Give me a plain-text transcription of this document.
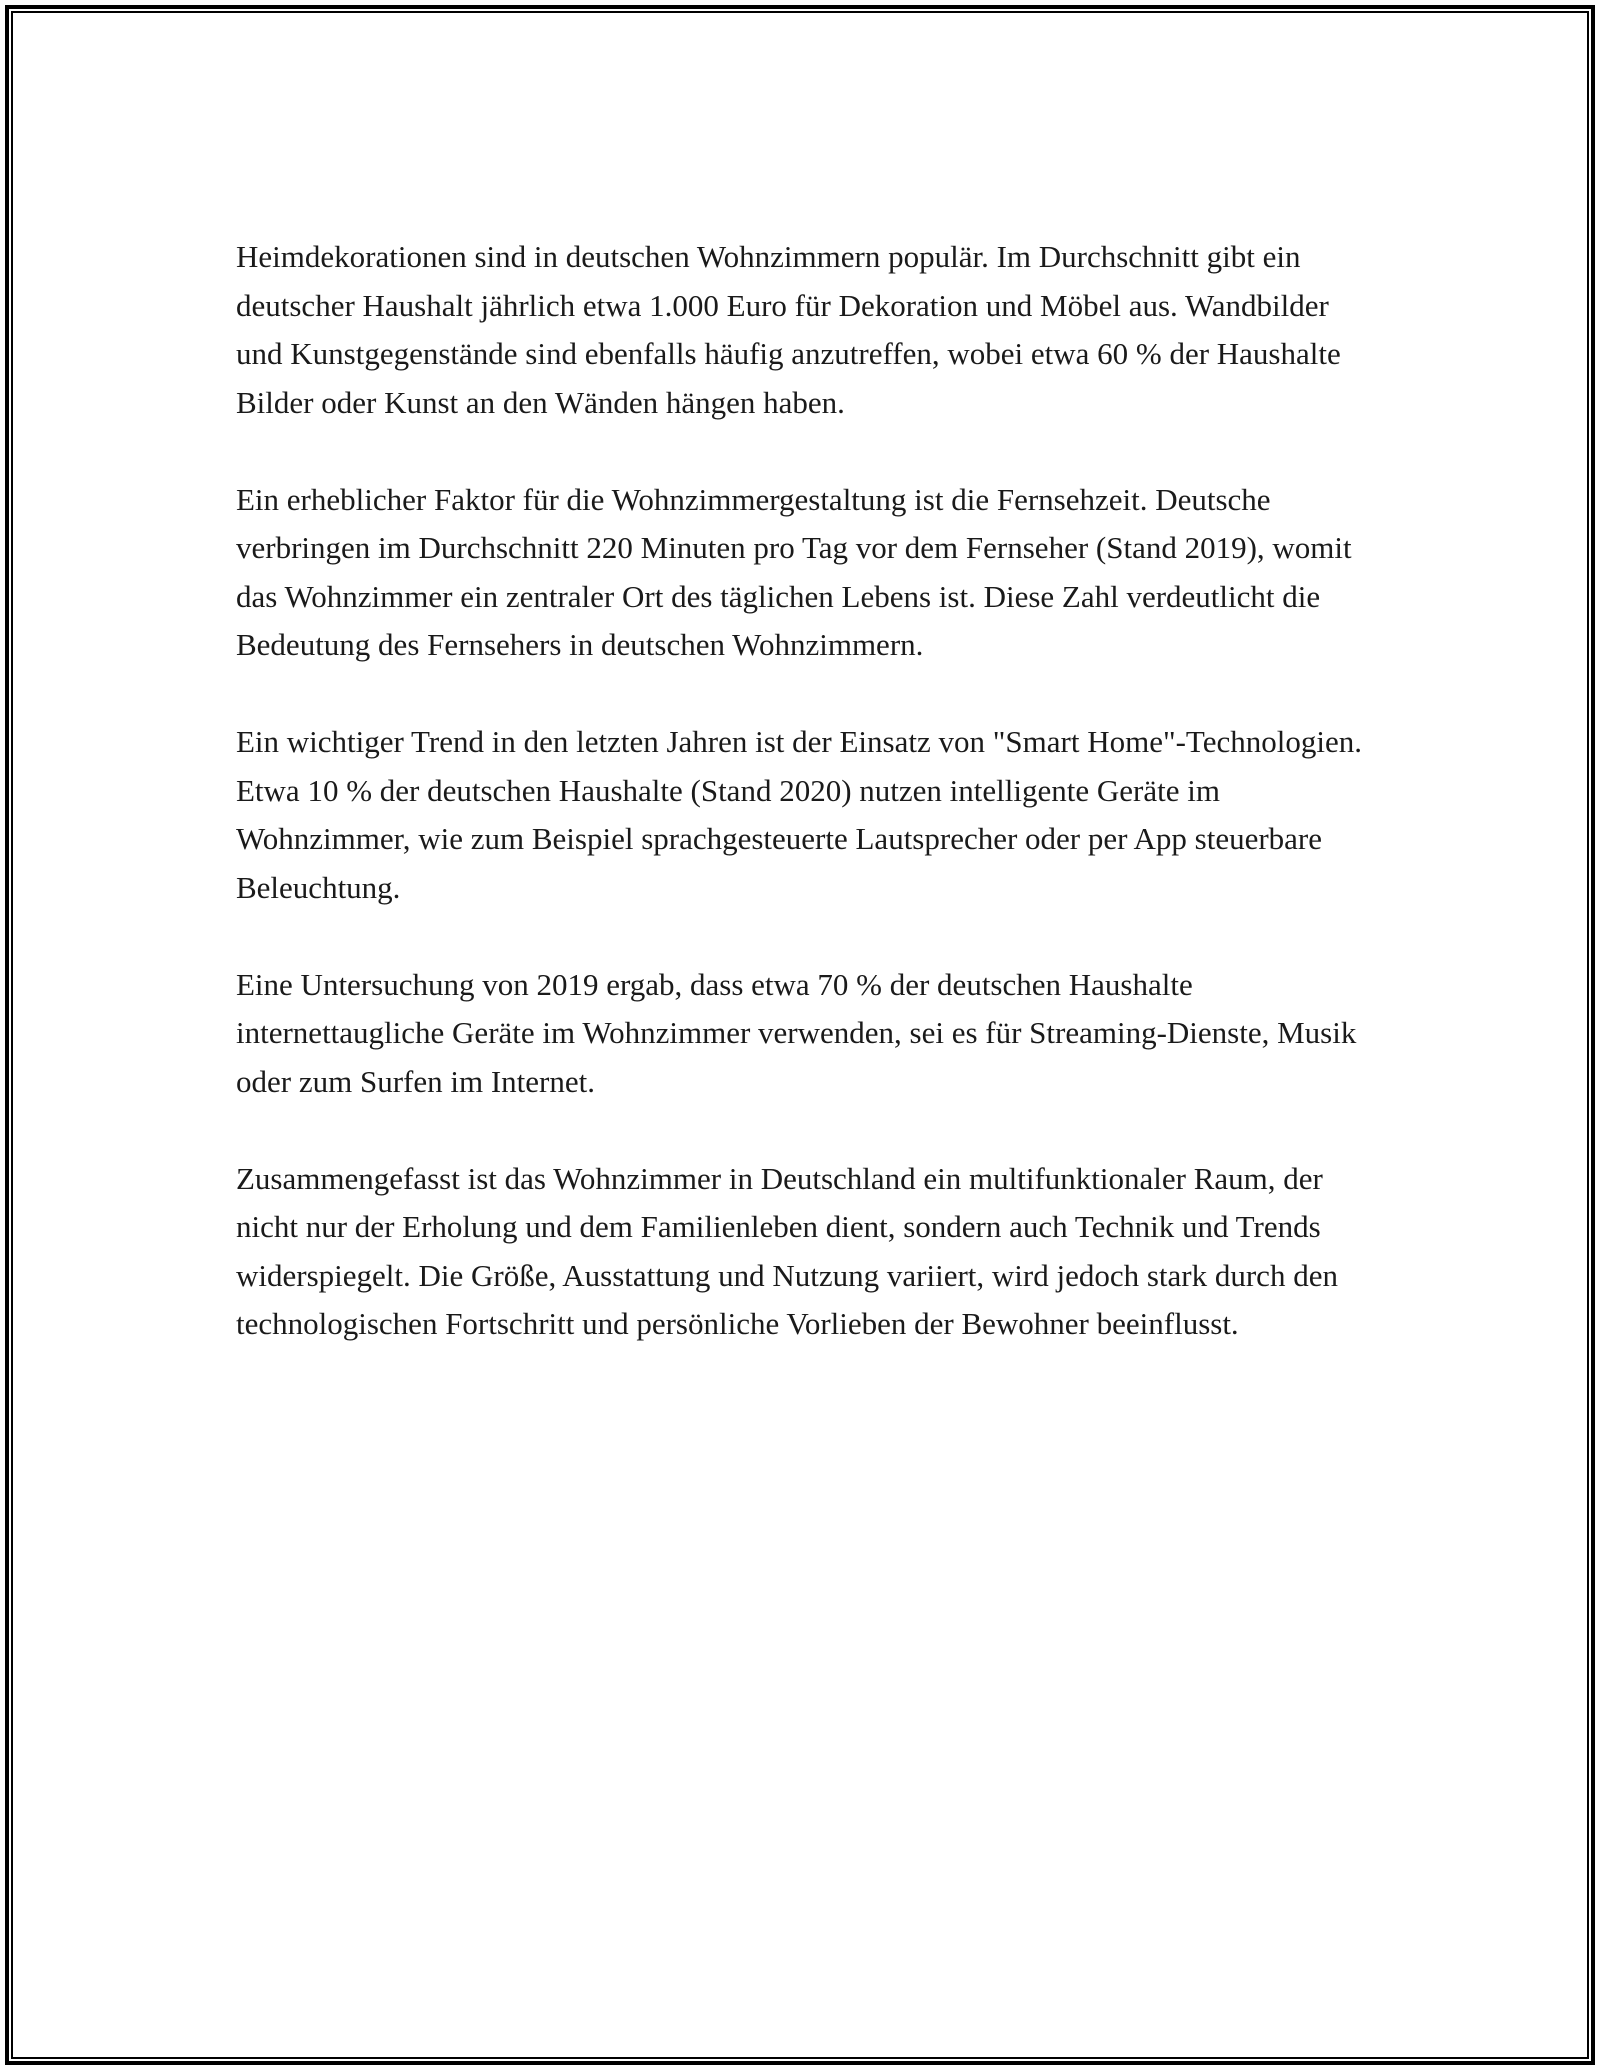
Heimdekorationen sind in deutschen Wohnzimmern populär. Im Durchschnitt gibt ein deutscher Haushalt jährlich etwa 1.000 Euro für Dekoration und Möbel aus. Wandbilder und Kunstgegenstände sind ebenfalls häufig anzutreffen, wobei etwa 60 % der Haushalte Bilder oder Kunst an den Wänden hängen haben.

Ein erheblicher Faktor für die Wohnzimmergestaltung ist die Fernsehzeit. Deutsche verbringen im Durchschnitt 220 Minuten pro Tag vor dem Fernseher (Stand 2019), womit das Wohnzimmer ein zentraler Ort des täglichen Lebens ist. Diese Zahl verdeutlicht die Bedeutung des Fernsehers in deutschen Wohnzimmern.

Ein wichtiger Trend in den letzten Jahren ist der Einsatz von "Smart Home"-Technologien. Etwa 10 % der deutschen Haushalte (Stand 2020) nutzen intelligente Geräte im Wohnzimmer, wie zum Beispiel sprachgesteuerte Lautsprecher oder per App steuerbare Beleuchtung.

Eine Untersuchung von 2019 ergab, dass etwa 70 % der deutschen Haushalte internettaugliche Geräte im Wohnzimmer verwenden, sei es für Streaming-Dienste, Musik oder zum Surfen im Internet.

Zusammengefasst ist das Wohnzimmer in Deutschland ein multifunktionaler Raum, der nicht nur der Erholung und dem Familienleben dient, sondern auch Technik und Trends widerspiegelt. Die Größe, Ausstattung und Nutzung variiert, wird jedoch stark durch den technologischen Fortschritt und persönliche Vorlieben der Bewohner beeinflusst.
